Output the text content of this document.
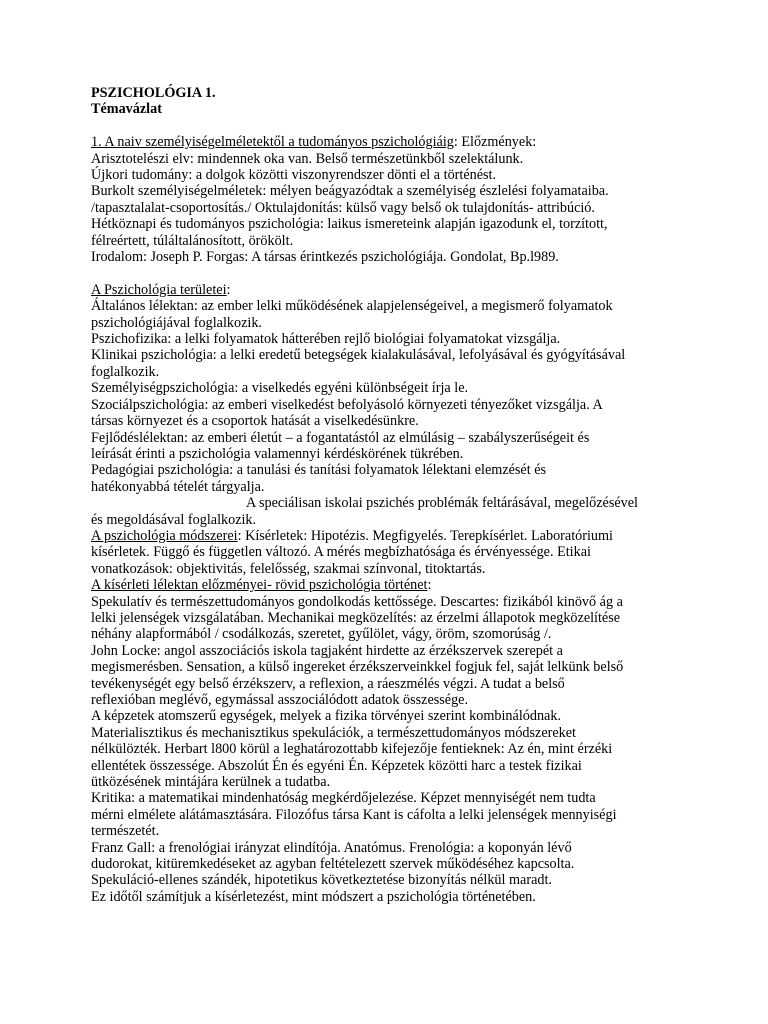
PSZICHOLÓGIA 1.
Témavázlat
1. A naiv személyiségelméletektől a tudományos pszichológiáig: Előzmények:
Arisztotelészi elv: mindennek oka van. Belső természetünkből szelektálunk.
Újkori tudomány: a dolgok közötti viszonyrendszer dönti el a történést.
Burkolt személyiségelméletek: mélyen beágyazódtak a személyiség észlelési folyamataiba.
/tapasztalalat-csoportosítás./ Oktulajdonítás: külső vagy belső ok tulajdonítás- attribúció.
Hétköznapi és tudományos pszichológia: laikus ismereteink alapján igazodunk el, torzított,
félreértett, túláltalánosított, örökölt.
Irodalom: Joseph P. Forgas: A társas érintkezés pszichológiája. Gondolat, Bp.l989.
A Pszichológia területei:
Általános lélektan: az ember lelki működésének alapjelenségeivel, a megismerő folyamatok
pszichológiájával foglalkozik.
Pszichofizika: a lelki folyamatok hátterében rejlő biológiai folyamatokat vizsgálja.
Klinikai pszichológia: a lelki eredetű betegségek kialakulásával, lefolyásával és gyógyításával
foglalkozik.
Személyiségpszichológia: a viselkedés egyéni különbségeit írja le.
Szociálpszichológia: az emberi viselkedést befolyásoló környezeti tényezőket vizsgálja. A
társas környezet és a csoportok hatását a viselkedésünkre.
Fejlődéslélektan: az emberi életút – a fogantatástól az elmúlásig – szabályszerűségeit és
leírását érinti a pszichológia valamennyi kérdéskörének tükrében.
Pedagógiai pszichológia: a tanulási és tanítási folyamatok lélektani elemzését és
hatékonyabbá tételét tárgyalja.
A speciálisan iskolai pszichés problémák feltárásával, megelőzésével
és megoldásával foglalkozik.
A pszichológia módszerei: Kísérletek: Hipotézis. Megfigyelés. Terepkísérlet. Laboratóriumi
kísérletek. Függő és független változó. A mérés megbízhatósága és érvényessége. Etikai
vonatkozások: objektivitás, felelősség, szakmai színvonal, titoktartás.
A kísérleti lélektan előzményei- rövid pszichológia történet:
Spekulatív és természettudományos gondolkodás kettőssége. Descartes: fizikából kinövő ág a
lelki jelenségek vizsgálatában. Mechanikai megközelítés: az érzelmi állapotok megközelítése
néhány alapformából / csodálkozás, szeretet, gyűlölet, vágy, öröm, szomorúság /.
John Locke: angol asszociációs iskola tagjaként hirdette az érzékszervek szerepét a
megismerésben. Sensation, a külső ingereket érzékszerveinkkel fogjuk fel, saját lelkünk belső
tevékenységét egy belső érzékszerv, a reflexion, a ráeszmélés végzi. A tudat a belső
reflexióban meglévő, egymással asszociálódott adatok összessége.
A képzetek atomszerű egységek, melyek a fizika törvényei szerint kombinálódnak.
Materialisztikus és mechanisztikus spekulációk, a természettudományos módszereket
nélkülözték. Herbart l800 körül a leghatározottabb kifejezője fentieknek: Az én, mint érzéki
ellentétek összessége. Abszolút Én és egyéni Én. Képzetek közötti harc a testek fizikai
ütközésének mintájára kerülnek a tudatba.
Kritika: a matematikai mindenhatóság megkérdőjelezése. Képzet mennyiségét nem tudta
mérni elmélete alátámasztására. Filozófus társa Kant is cáfolta a lelki jelenségek mennyiségi
természetét.
Franz Gall: a frenológiai irányzat elindítója. Anatómus. Frenológia: a koponyán lévő
dudorokat, kitüremkedéseket az agyban feltételezett szervek működéséhez kapcsolta.
Spekuláció-ellenes szándék, hipotetikus következtetése bizonyítás nélkül maradt.
Ez időtől számítjuk a kísérletezést, mint módszert a pszichológia történetében.
